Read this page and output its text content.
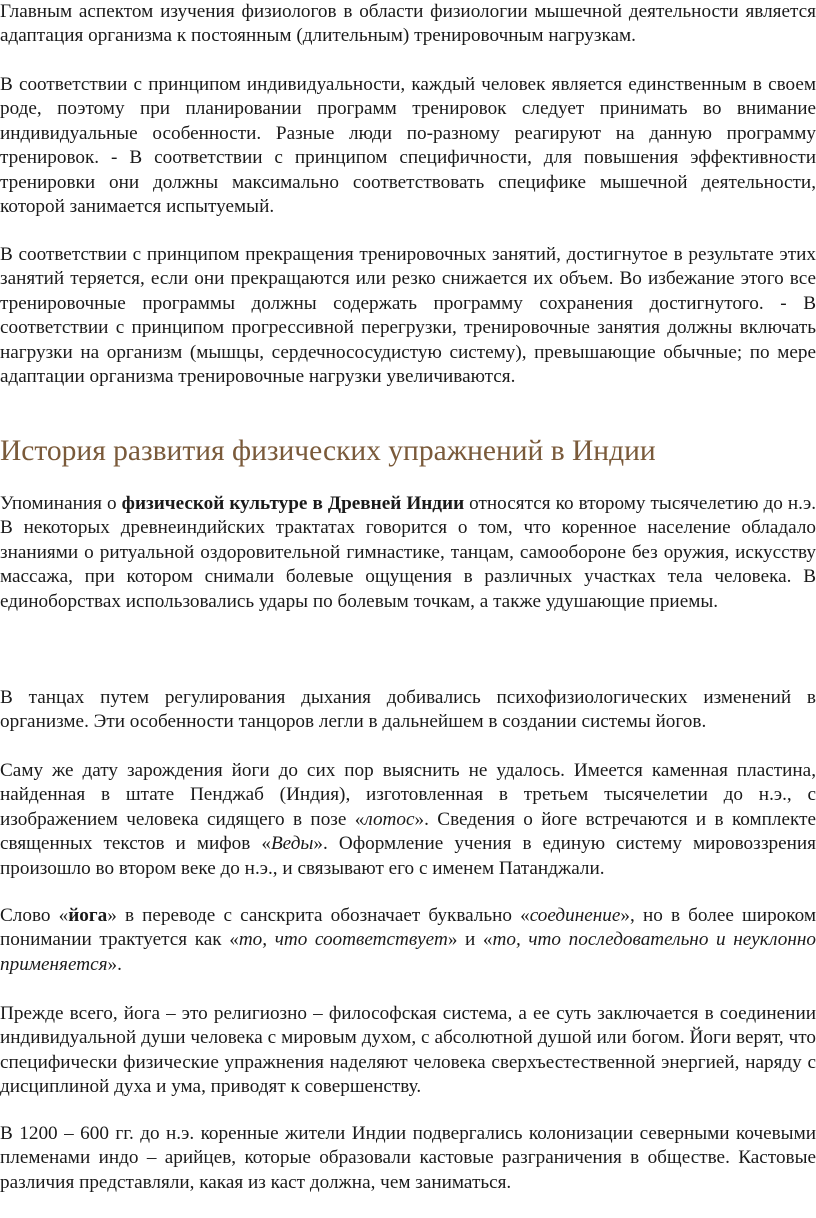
Главным аспектом изучения физиологов в области физиологии мышечной деятельности является адаптация организма к постоянным (длительным) тренировочным нагрузкам.

В соответствии с принципом индивидуальности, каждый человек является единственным в своем роде, поэтому при планировании программ тренировок следует принимать во внимание индивидуальные особенности. Разные люди по-разному реагируют на данную программу тренировок. - В соответствии с принципом специфичности, для повышения эффективности тренировки они должны максимально соответствовать специфике мышечной деятельности, которой занимается испытуемый.

В соответствии с принципом прекращения тренировочных занятий, достигнутое в результате этих занятий теряется, если они прекращаются или резко снижается их объем. Во избежание этого все тренировочные программы должны содержать программу сохранения достигнутого. - В соответствии с принципом прогрессивной перегрузки, тренировочные занятия должны включать нагрузки на организм (мышцы, сердечнососудистую систему), превышающие обычные; по мере адаптации организма тренировочные нагрузки увеличиваются.

История развития физических упражнений в Индии

Упоминания о физической культуре в Древней Индии относятся ко второму тысячелетию до н.э. В некоторых древнеиндийских трактатах говорится о том, что коренное население обладало знаниями о ритуальной оздоровительной гимнастике, танцам, самообороне без оружия, искусству массажа, при котором снимали болевые ощущения в различных участках тела человека. В единоборствах использовались удары по болевым точкам, а также удушающие приемы.

В танцах путем регулирования дыхания добивались психофизиологических изменений в организме. Эти особенности танцоров легли в дальнейшем в создании системы йогов.

Саму же дату зарождения йоги до сих пор выяснить не удалось. Имеется каменная пластина, найденная в штате Пенджаб (Индия), изготовленная в третьем тысячелетии до н.э., с изображением человека сидящего в позе «лотос». Сведения о йоге встречаются и в комплекте священных текстов и мифов «Веды». Оформление учения в единую систему мировоззрения произошло во втором веке до н.э., и связывают его с именем Патанджали.

Слово «йога» в переводе с санскрита обозначает буквально «соединение», но в более широком понимании трактуется как «то, что соответствует» и «то, что последовательно и неуклонно применяется».

Прежде всего, йога – это религиозно – философская система, а ее суть заключается в соединении индивидуальной души человека с мировым духом, с абсолютной душой или богом. Йоги верят, что специфически физические упражнения наделяют человека сверхъестественной энергией, наряду с дисциплиной духа и ума, приводят к совершенству.

В 1200 – 600 гг. до н.э. коренные жители Индии подвергались колонизации северными кочевыми племенами индо – арийцев, которые образовали кастовые разграничения в обществе. Кастовые различия представляли, какая из каст должна, чем заниматься.
